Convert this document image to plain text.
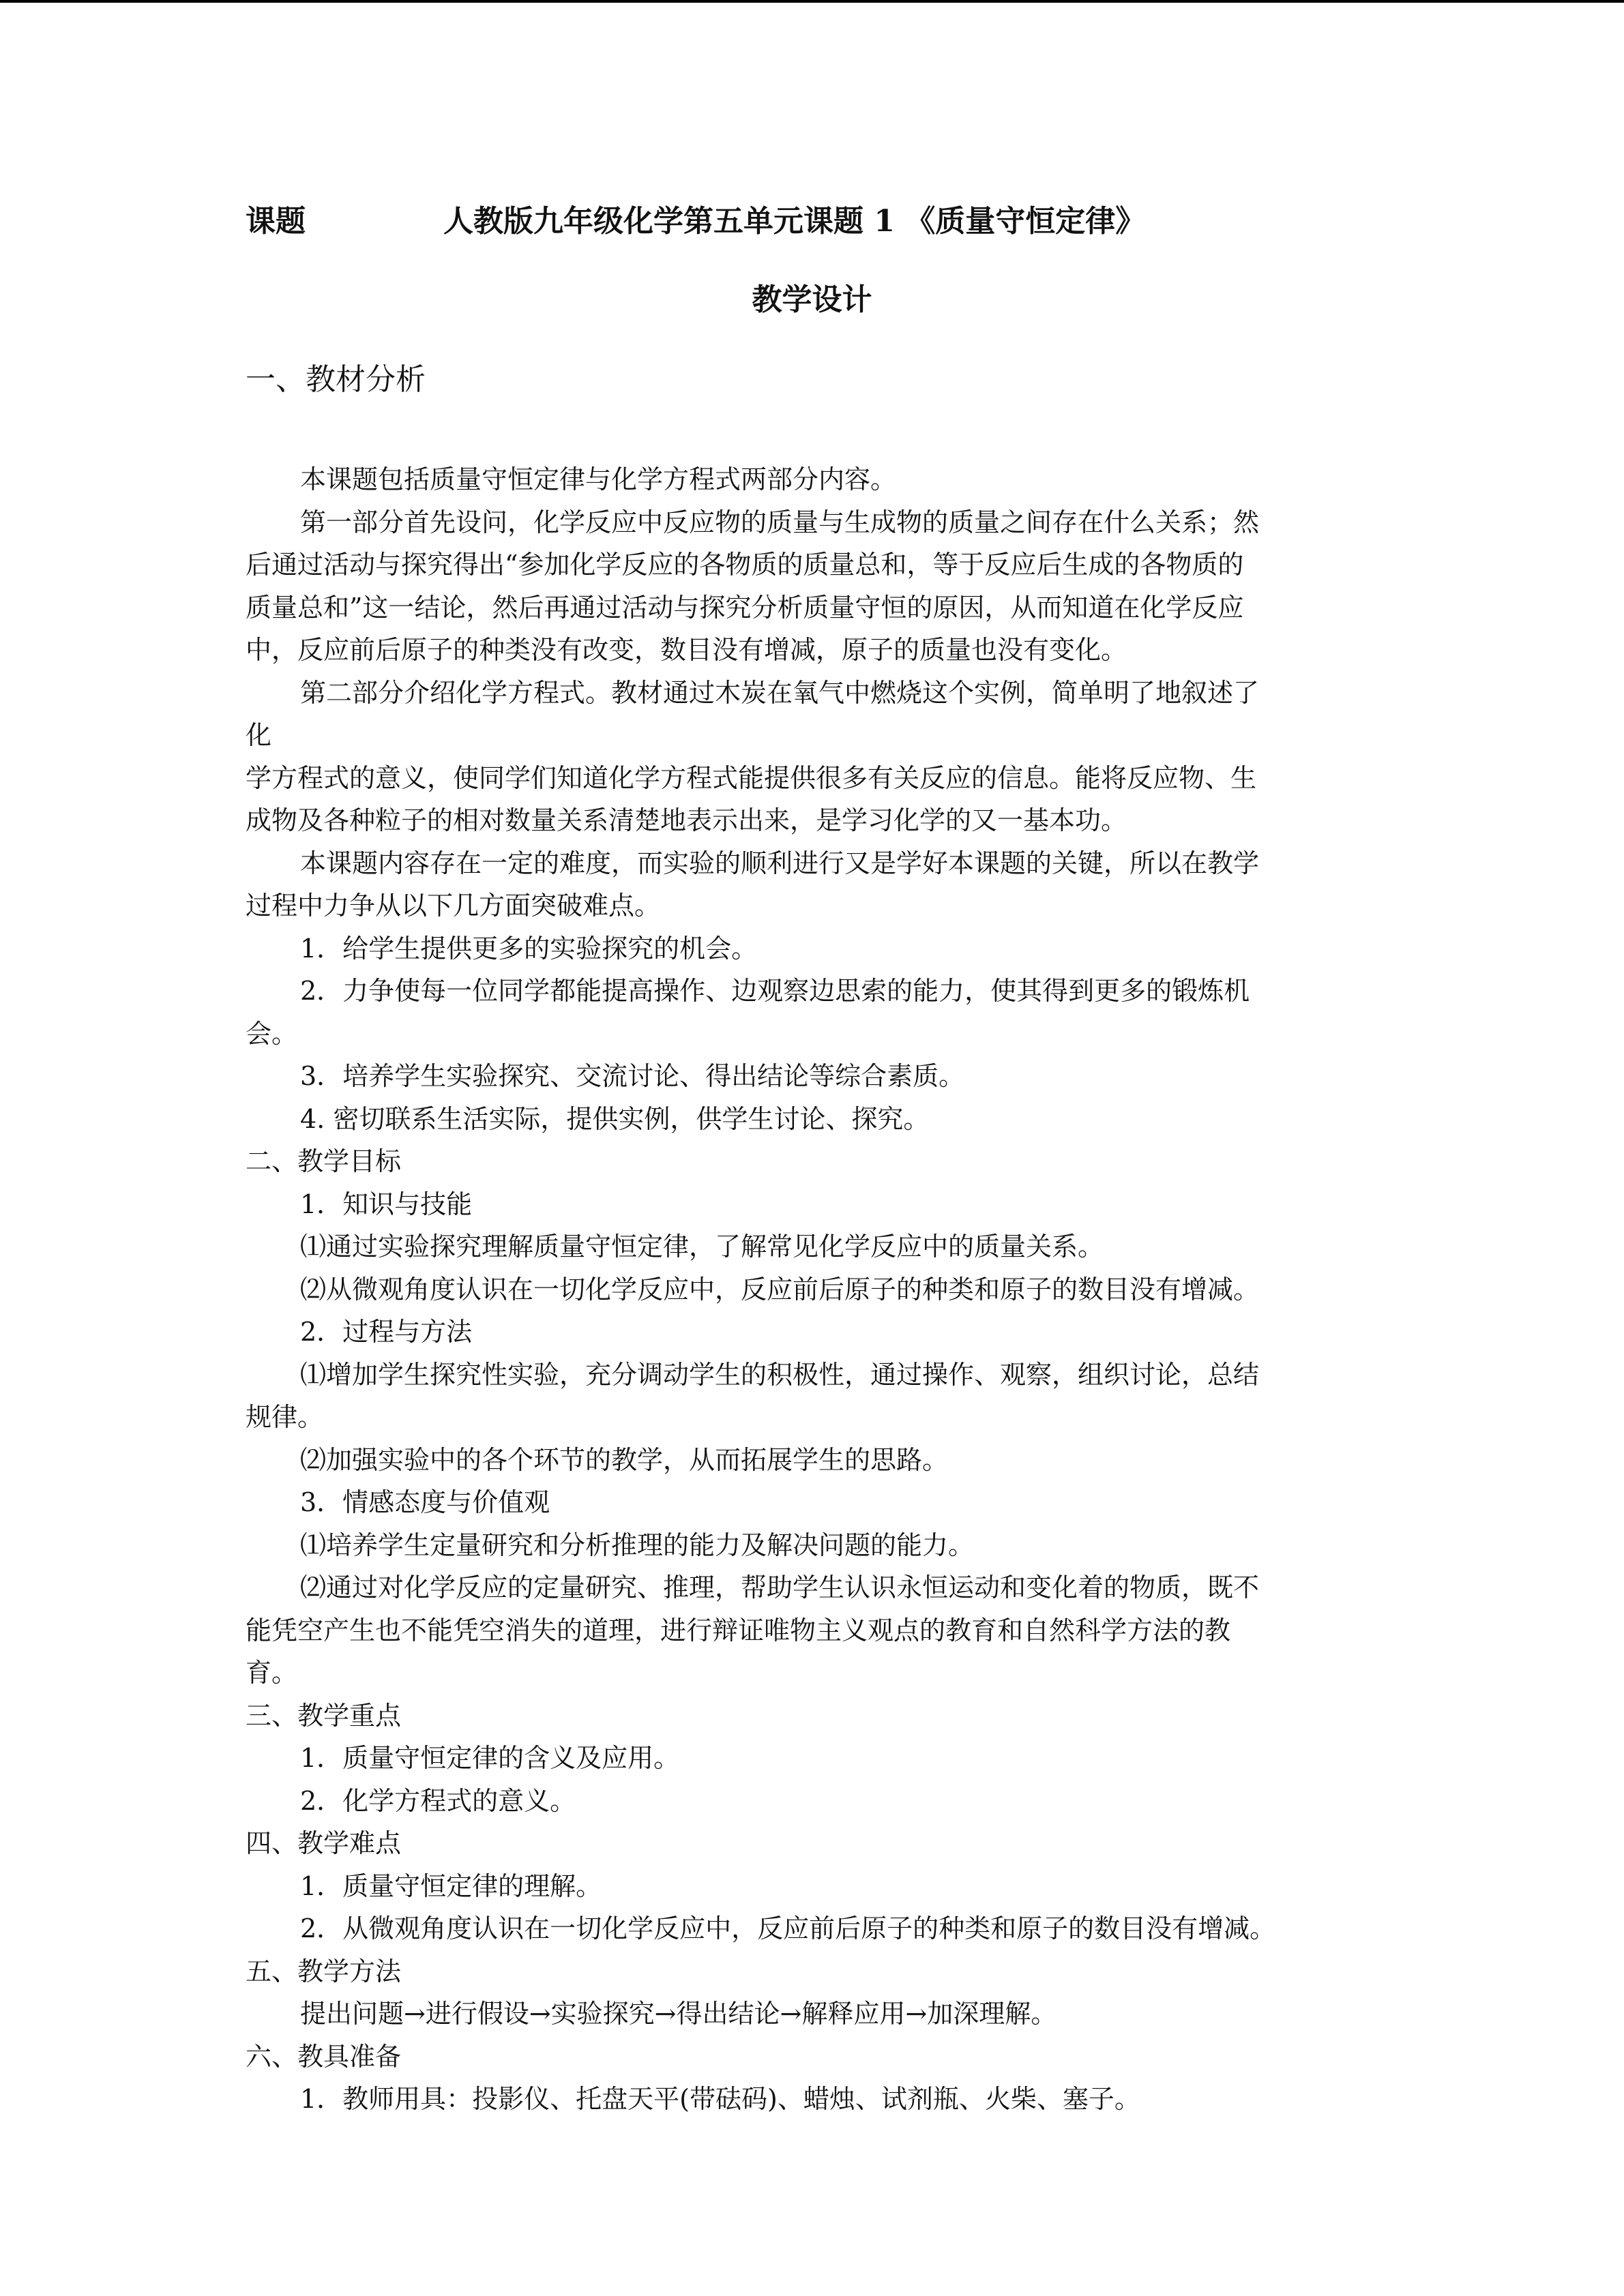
课题	人教版九年级化学第五单元课题 1 《质量守恒定律》
教学设计
一、教材分析
本课题包括质量守恒定律与化学方程式两部分内容。
第一部分首先设问，化学反应中反应物的质量与生成物的质量之间存在什么关系；然
后通过活动与探究得出“参加化学反应的各物质的质量总和，等于反应后生成的各物质的
质量总和”这一结论，然后再通过活动与探究分析质量守恒的原因，从而知道在化学反应
中，反应前后原子的种类没有改变，数目没有增减，原子的质量也没有变化。
第二部分介绍化学方程式。教材通过木炭在氧气中燃烧这个实例，简单明了地叙述了
化
学方程式的意义，使同学们知道化学方程式能提供很多有关反应的信息。能将反应物、生
成物及各种粒子的相对数量关系清楚地表示出来，是学习化学的又一基本功。
本课题内容存在一定的难度，而实验的顺利进行又是学好本课题的关键，所以在教学
过程中力争从以下几方面突破难点。
1．给学生提供更多的实验探究的机会。
2．力争使每一位同学都能提高操作、边观察边思索的能力，使其得到更多的锻炼机
会。
3．培养学生实验探究、交流讨论、得出结论等综合素质。
4. 密切联系生活实际，提供实例，供学生讨论、探究。
二、教学目标
1．知识与技能
⑴通过实验探究理解质量守恒定律，了解常见化学反应中的质量关系。
⑵从微观角度认识在一切化学反应中，反应前后原子的种类和原子的数目没有增减。
2．过程与方法
⑴增加学生探究性实验，充分调动学生的积极性，通过操作、观察，组织讨论，总结
规律。
⑵加强实验中的各个环节的教学，从而拓展学生的思路。
3．情感态度与价值观
⑴培养学生定量研究和分析推理的能力及解决问题的能力。
⑵通过对化学反应的定量研究、推理，帮助学生认识永恒运动和变化着的物质，既不
能凭空产生也不能凭空消失的道理，进行辩证唯物主义观点的教育和自然科学方法的教
育。
三、教学重点
1．质量守恒定律的含义及应用。
2．化学方程式的意义。
四、教学难点
1．质量守恒定律的理解。
2．从微观角度认识在一切化学反应中，反应前后原子的种类和原子的数目没有增减。
五、教学方法
提出问题→进行假设→实验探究→得出结论→解释应用→加深理解。
六、教具准备
1．教师用具：投影仪、托盘天平(带砝码)、蜡烛、试剂瓶、火柴、塞子。
